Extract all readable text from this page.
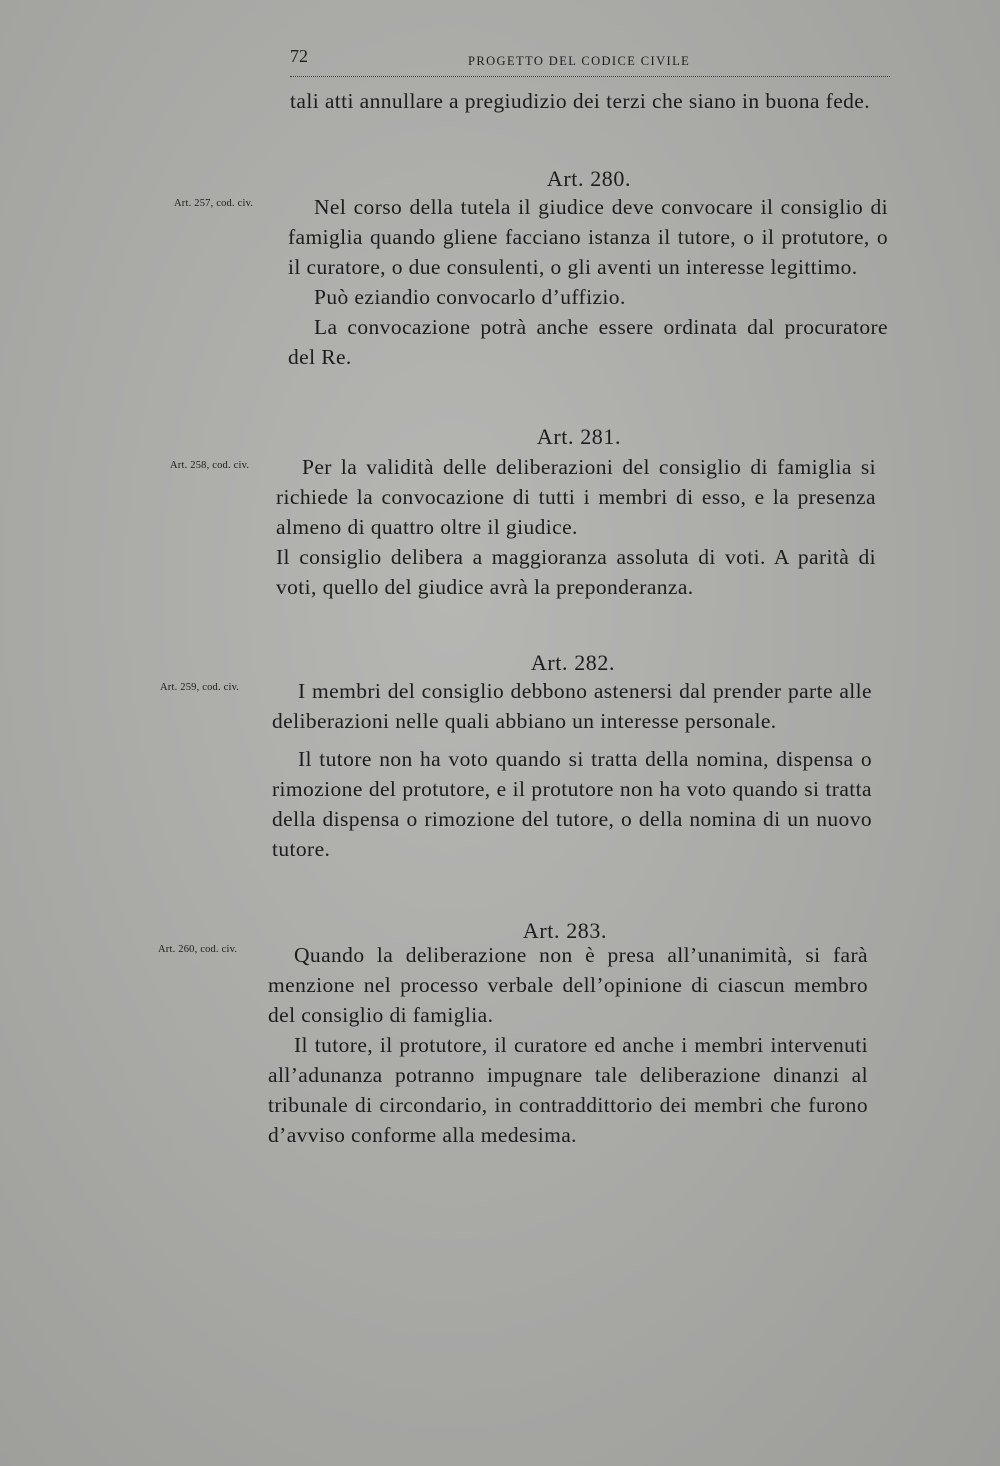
72	PROGETTO DEL CODICE CIVILE

tali atti annullare a pregiudizio dei terzi che siano in buona fede.

Art. 280.
Art. 257, cod. civ.	Nel corso della tutela il giudice deve convocare il consiglio di famiglia quando gliene facciano istanza il tutore, o il protutore, o il curatore, o due consulenti, o gli aventi un interesse legittimo.

Può eziandio convocarlo d’uffizio.

La convocazione potrà anche essere ordinata dal procuratore del Re.

Art. 281.
Art. 258, cod. civ.	Per la validità delle deliberazioni del consiglio di famiglia si richiede la convocazione di tutti i membri di esso, e la presenza almeno di quattro oltre il giudice.

Il consiglio delibera a maggioranza assoluta di voti. A parità di voti, quello del giudice avrà la preponderanza.

Art. 282.
Art. 259, cod. civ.	I membri del consiglio debbono astenersi dal prender parte alle deliberazioni nelle quali abbiano un interesse personale.

Il tutore non ha voto quando si tratta della nomina, dispensa o rimozione del protutore, e il protutore non ha voto quando si tratta della dispensa o rimozione del tutore, o della nomina di un nuovo tutore.

Art. 283.
Art. 260, cod. civ.	Quando la deliberazione non è presa all’unanimità, si farà menzione nel processo verbale dell’opinione di ciascun membro del consiglio di famiglia.

Il tutore, il protutore, il curatore ed anche i membri intervenuti all’adunanza potranno impugnare tale deliberazione dinanzi al tribunale di circondario, in contraddittorio dei membri che furono d’avviso conforme alla medesima.
